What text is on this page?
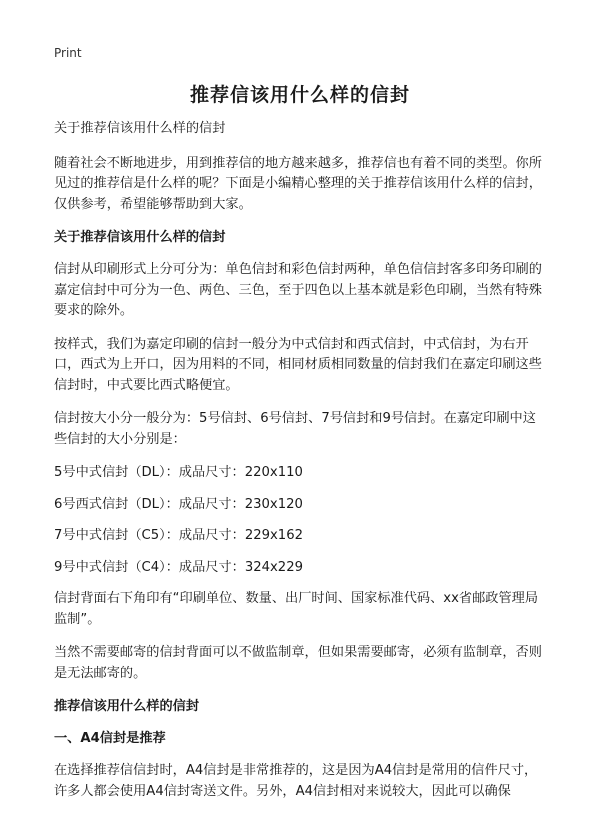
Print
推荐信该用什么样的信封

关于推荐信该用什么样的信封

随着社会不断地进步，用到推荐信的地方越来越多，推荐信也有着不同的类型。你所见过的推荐信是什么样的呢？下面是小编精心整理的关于推荐信该用什么样的信封，仅供参考，希望能够帮助到大家。

关于推荐信该用什么样的信封

信封从印刷形式上分可分为：单色信封和彩色信封两种，单色信信封客多印务印刷的嘉定信封中可分为一色、两色、三色，至于四色以上基本就是彩色印刷，当然有特殊要求的除外。

按样式，我们为嘉定印刷的信封一般分为中式信封和西式信封，中式信封，为右开口，西式为上开口，因为用料的不同，相同材质相同数量的信封我们在嘉定印刷这些信封时，中式要比西式略便宜。

信封按大小分一般分为：5号信封、6号信封、7号信封和9号信封。在嘉定印刷中这些信封的大小分别是：

5号中式信封（DL）：成品尺寸：220x110

6号西式信封（DL）：成品尺寸：230x120

7号中式信封（C5）：成品尺寸：229x162

9号中式信封（C4）：成品尺寸：324x229

信封背面右下角印有“印刷单位、数量、出厂时间、国家标准代码、xx省邮政管理局监制”。

当然不需要邮寄的信封背面可以不做监制章，但如果需要邮寄，必须有监制章，否则是无法邮寄的。

推荐信该用什么样的信封
一、A4信封是推荐

在选择推荐信信封时，A4信封是非常推荐的，这是因为A4信封是常用的信件尺寸，许多人都会使用A4信封寄送文件。另外，A4信封相对来说较大，因此可以确保
